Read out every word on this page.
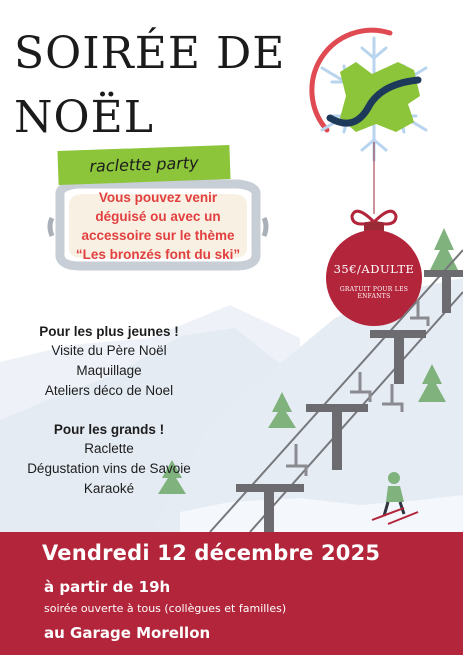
SOIRÉE DE
NOËL
raclette party
Vous pouvez venir
déguisé ou avec un
accessoire sur le thème
“Les bronzés font du ski”
35€/ADULTE
GRATUIT POUR LES ENFANTS
Pour les plus jeunes !
Visite du Père Noël
Maquillage
Ateliers déco de Noel
Pour les grands !
Raclette
Dégustation vins de Savoie
Karaoké
Vendredi 12 décembre 2025
à partir de 19h
soirée ouverte à tous (collègues et familles)
au Garage Morellon
